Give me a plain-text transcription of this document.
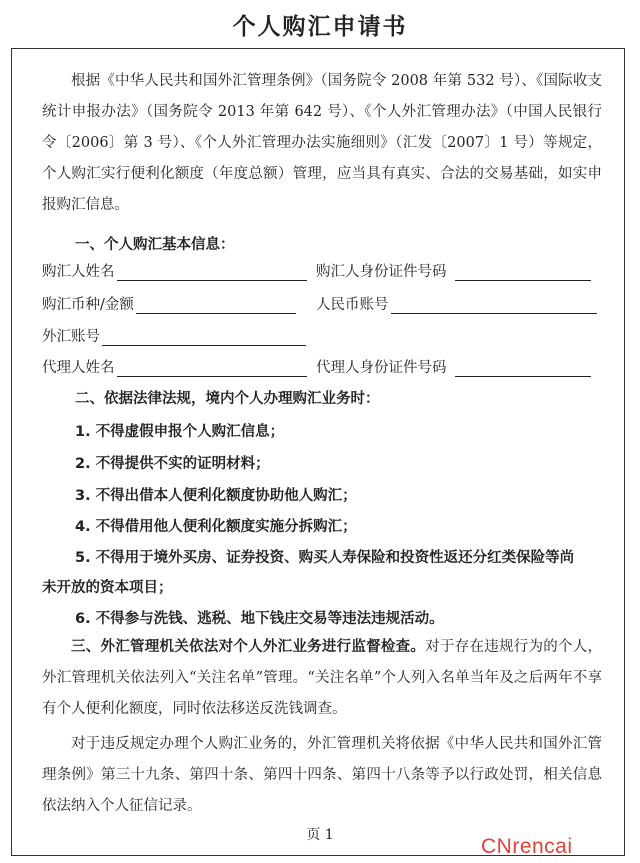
个人购汇申请书

根据《中华人民共和国外汇管理条例》（国务院令 2008 年第 532 号）、《国际收支统计申报办法》（国务院令 2013 年第 642 号）、《个人外汇管理办法》（中国人民银行令〔2006〕第 3 号）、《个人外汇管理办法实施细则》（汇发〔2007〕1 号）等规定，个人购汇实行便利化额度（年度总额）管理，应当具有真实、合法的交易基础，如实申报购汇信息。

一、个人购汇基本信息：
购汇人姓名	购汇人身份证件号码
购汇币种/金额	人民币账号
外汇账号
代理人姓名	代理人身份证件号码
二、依据法律法规，境内个人办理购汇业务时：
1. 不得虚假申报个人购汇信息；
2. 不得提供不实的证明材料；
3. 不得出借本人便利化额度协助他人购汇；
4. 不得借用他人便利化额度实施分拆购汇；
5. 不得用于境外买房、证券投资、购买人寿保险和投资性返还分红类保险等尚
未开放的资本项目；
6. 不得参与洗钱、逃税、地下钱庄交易等违法违规活动。
三、外汇管理机关依法对个人外汇业务进行监督检查。对于存在违规行为的个人，外汇管理机关依法列入“关注名单”管理。“关注名单”个人列入名单当年及之后两年不享有个人便利化额度，同时依法移送反洗钱调查。
对于违反规定办理个人购汇业务的，外汇管理机关将依据《中华人民共和国外汇管理条例》第三十九条、第四十条、第四十四条、第四十八条等予以行政处罚，相关信息依法纳入个人征信记录。
页 1	CNrencai
